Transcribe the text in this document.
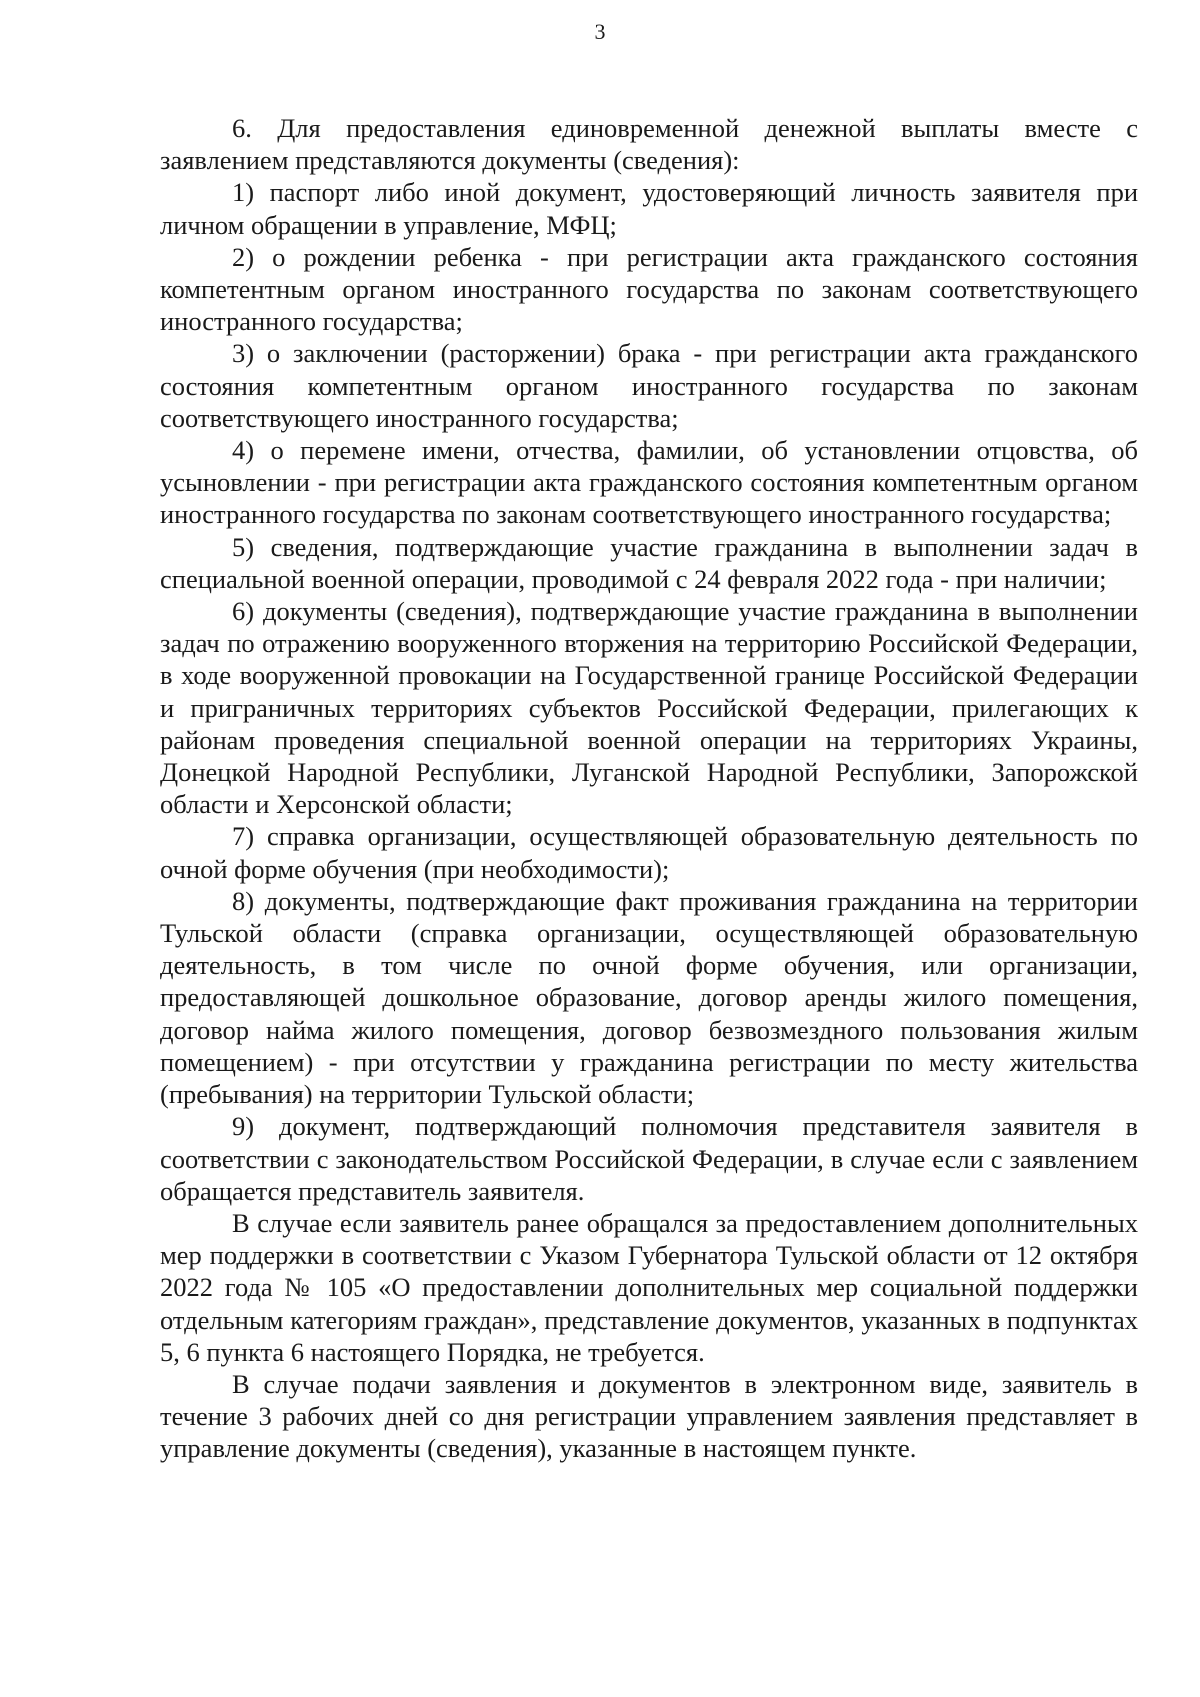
3

6. Для предоставления единовременной денежной выплаты вместе с заявлением представляются документы (сведения):

1) паспорт либо иной документ, удостоверяющий личность заявителя при личном обращении в управление, МФЦ;

2) о рождении ребенка - при регистрации акта гражданского состояния компетентным органом иностранного государства по законам соответствующего иностранного государства;

3) о заключении (расторжении) брака - при регистрации акта гражданского состояния компетентным органом иностранного государства по законам соответствующего иностранного государства;

4) о перемене имени, отчества, фамилии, об установлении отцовства, об усыновлении - при регистрации акта гражданского состояния компетентным органом иностранного государства по законам соответствующего иностранного государства;

5) сведения, подтверждающие участие гражданина в выполнении задач в специальной военной операции, проводимой с 24 февраля 2022 года - при наличии;

6) документы (сведения), подтверждающие участие гражданина в выполнении задач по отражению вооруженного вторжения на территорию Российской Федерации, в ходе вооруженной провокации на Государственной границе Российской Федерации и приграничных территориях субъектов Российской Федерации, прилегающих к районам проведения специальной военной операции на территориях Украины, Донецкой Народной Республики, Луганской Народной Республики, Запорожской области и Херсонской области;

7) справка организации, осуществляющей образовательную деятельность по очной форме обучения (при необходимости);

8) документы, подтверждающие факт проживания гражданина на территории Тульской области (справка организации, осуществляющей образовательную деятельность, в том числе по очной форме обучения, или организации, предоставляющей дошкольное образование, договор аренды жилого помещения, договор найма жилого помещения, договор безвозмездного пользования жилым помещением) - при отсутствии у гражданина регистрации по месту жительства (пребывания) на территории Тульской области;

9) документ, подтверждающий полномочия представителя заявителя в соответствии с законодательством Российской Федерации, в случае если с заявлением обращается представитель заявителя.

В случае если заявитель ранее обращался за предоставлением дополнительных мер поддержки в соответствии с Указом Губернатора Тульской области от 12 октября 2022 года № 105 «О предоставлении дополнительных мер социальной поддержки отдельным категориям граждан», представление документов, указанных в подпунктах 5, 6 пункта 6 настоящего Порядка, не требуется.

В случае подачи заявления и документов в электронном виде, заявитель в течение 3 рабочих дней со дня регистрации управлением заявления представляет в управление документы (сведения), указанные в настоящем пункте.
